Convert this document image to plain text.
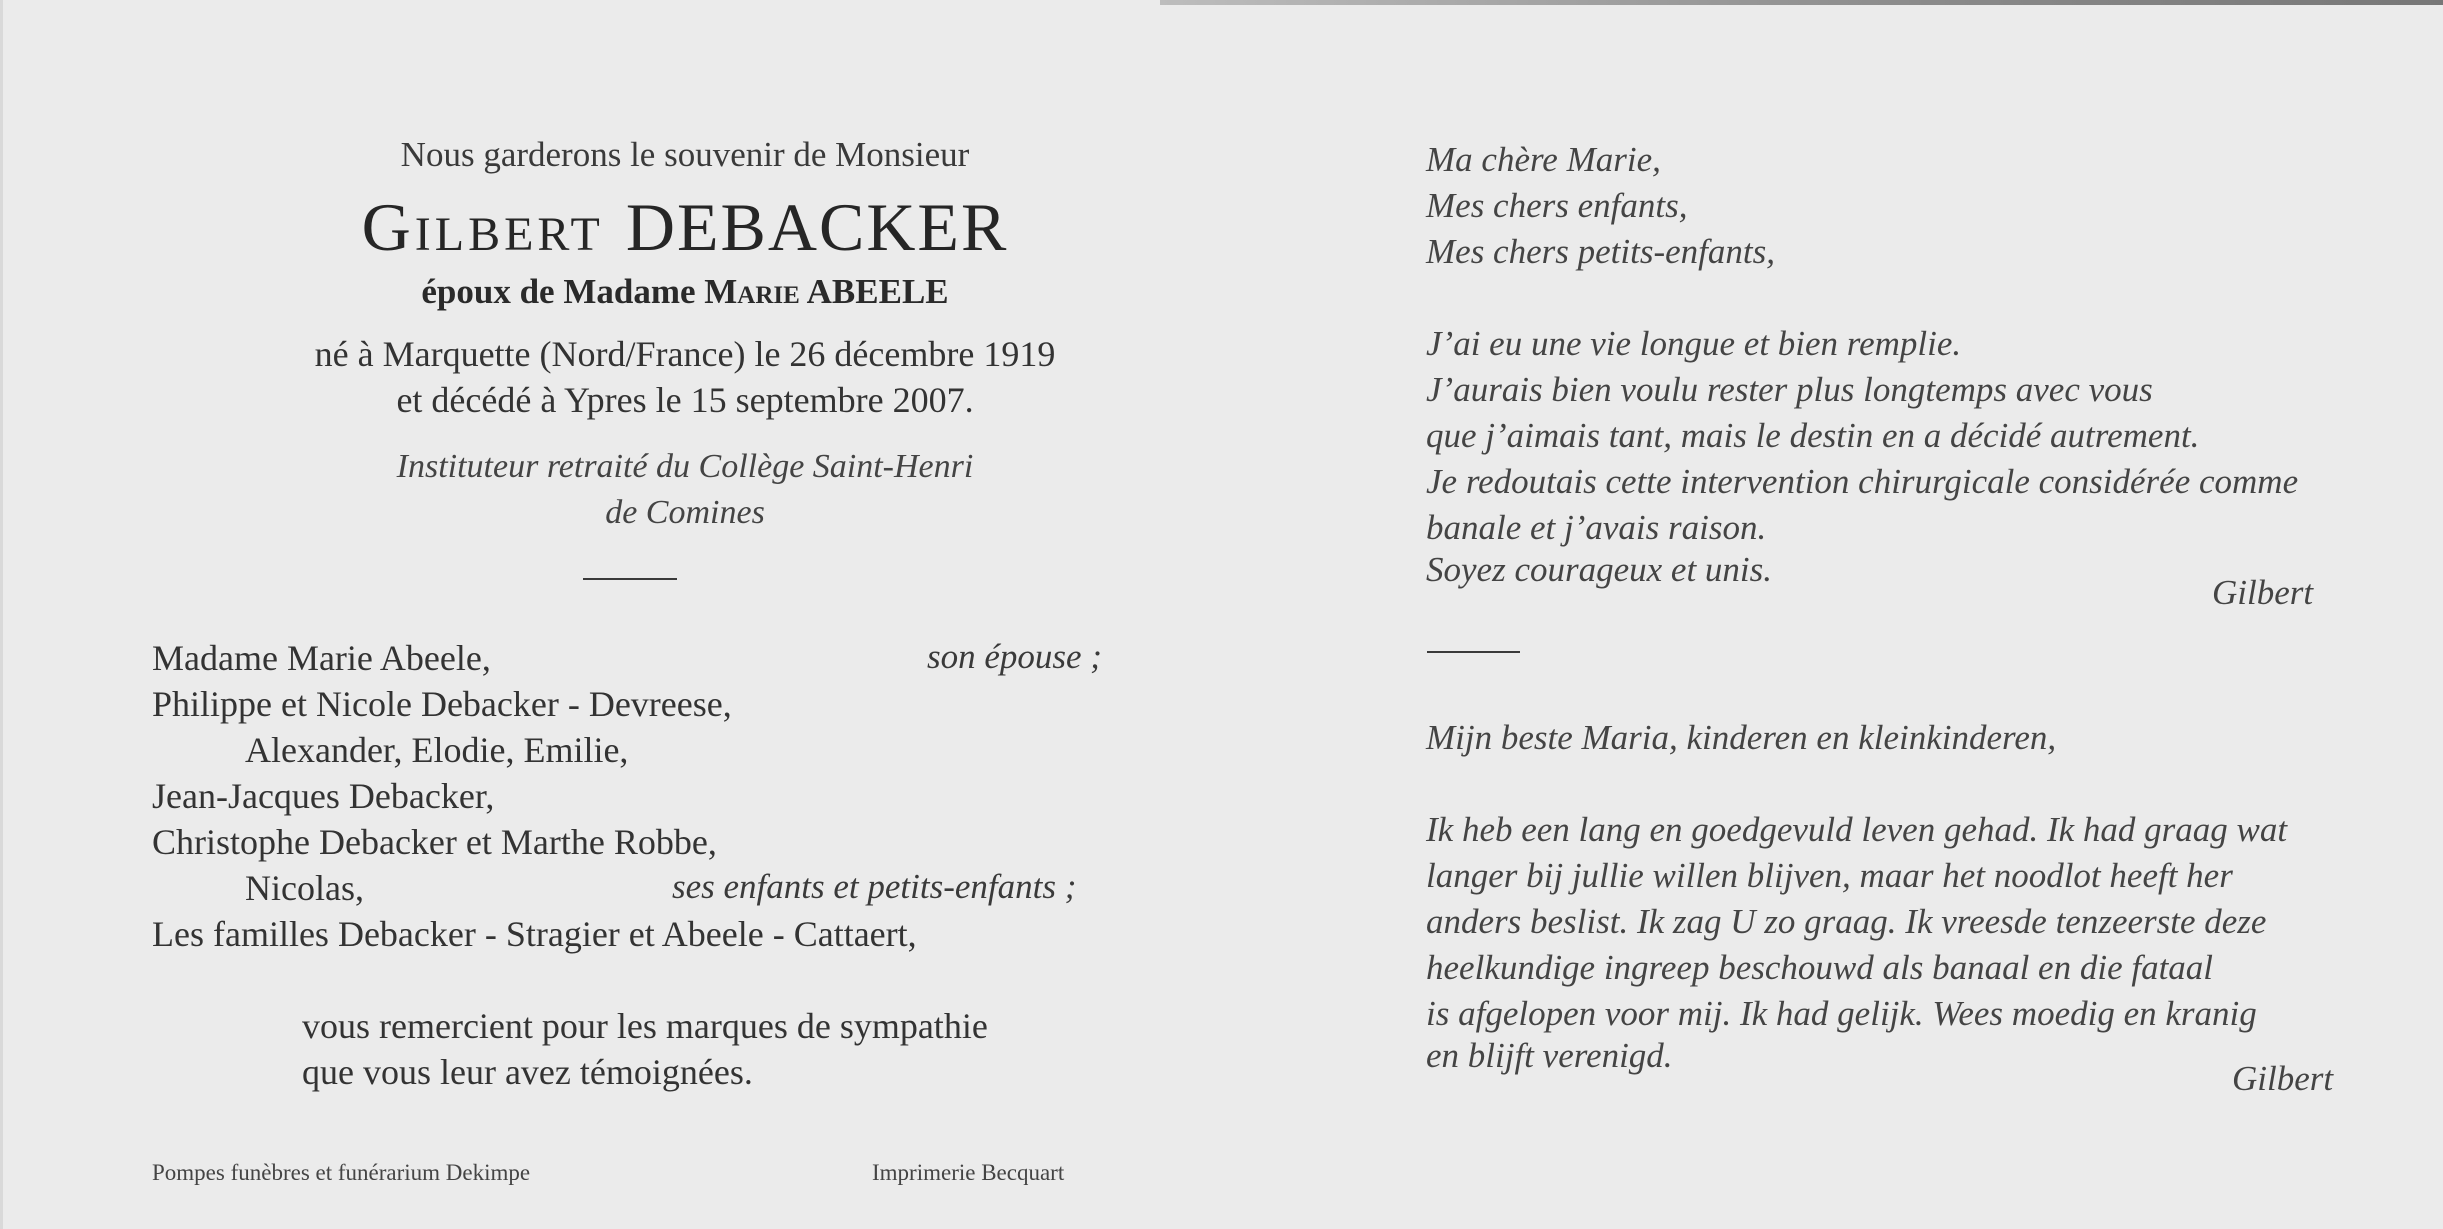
Nous garderons le souvenir de Monsieur
Gilbert DEBACKER
époux de Madame Marie ABEELE
né à Marquette (Nord/France) le 26 décembre 1919
et décédé à Ypres le 15 septembre 2007.
Instituteur retraité du Collège Saint-Henri
de Comines
Madame Marie Abeele,	son épouse ;
Philippe et Nicole Debacker - Devreese,
Alexander, Elodie, Emilie,
Jean-Jacques Debacker,
Christophe Debacker et Marthe Robbe,
Nicolas,	ses enfants et petits-enfants ;
Les familles Debacker - Stragier et Abeele - Cattaert,
vous remercient pour les marques de sympathie
que vous leur avez témoignées.
Pompes funèbres et funérarium Dekimpe	Imprimerie Becquart
Ma chère Marie,
Mes chers enfants,
Mes chers petits-enfants,
J’ai eu une vie longue et bien remplie.
J’aurais bien voulu rester plus longtemps avec vous
que j’aimais tant, mais le destin en a décidé autrement.
Je redoutais cette intervention chirurgicale considérée comme
banale et j’avais raison.
Soyez courageux et unis.
Gilbert
Mijn beste Maria, kinderen en kleinkinderen,
Ik heb een lang en goedgevuld leven gehad. Ik had graag wat
langer bij jullie willen blijven, maar het noodlot heeft her
anders beslist. Ik zag U zo graag. Ik vreesde tenzeerste deze
heelkundige ingreep beschouwd als banaal en die fataal
is afgelopen voor mij. Ik had gelijk. Wees moedig en kranig
en blijft verenigd.
Gilbert
